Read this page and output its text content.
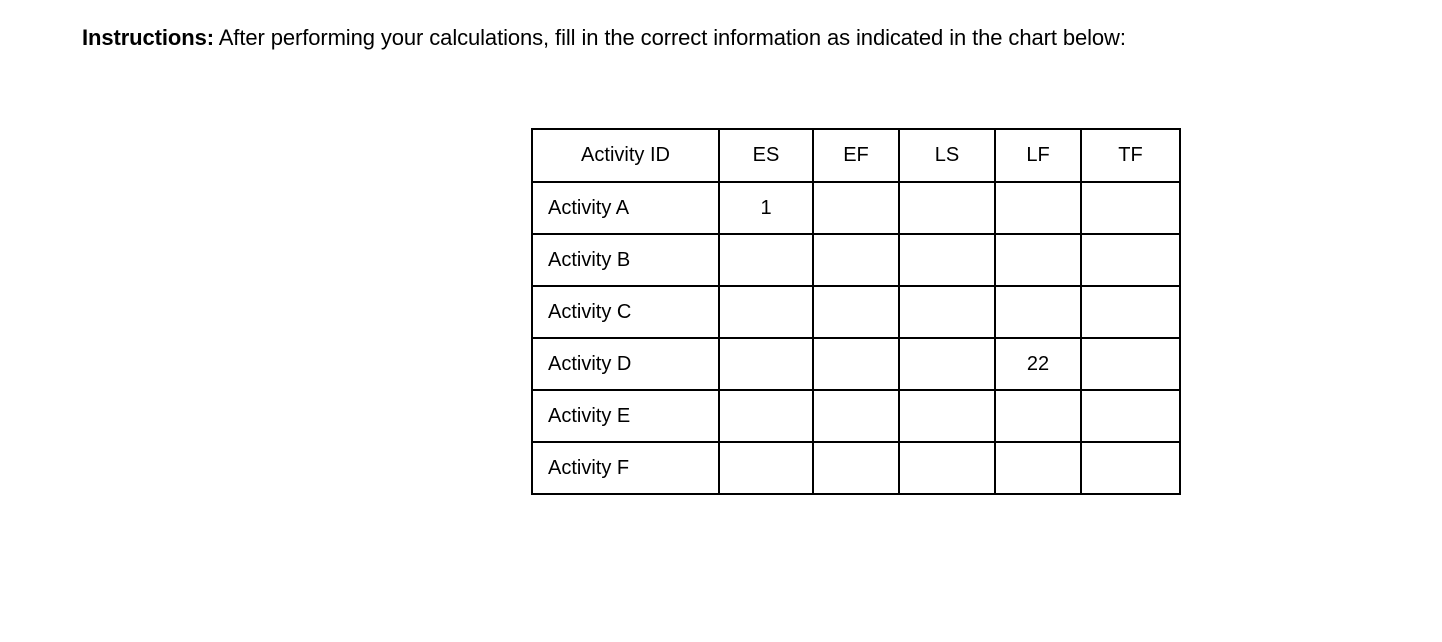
Instructions: After performing your calculations, fill in the correct information as indicated in the chart below:
Activity ID	ES	EF	LS	LF	TF
Activity A	1				
Activity B					
Activity C					
Activity D				22	
Activity E					
Activity F					
